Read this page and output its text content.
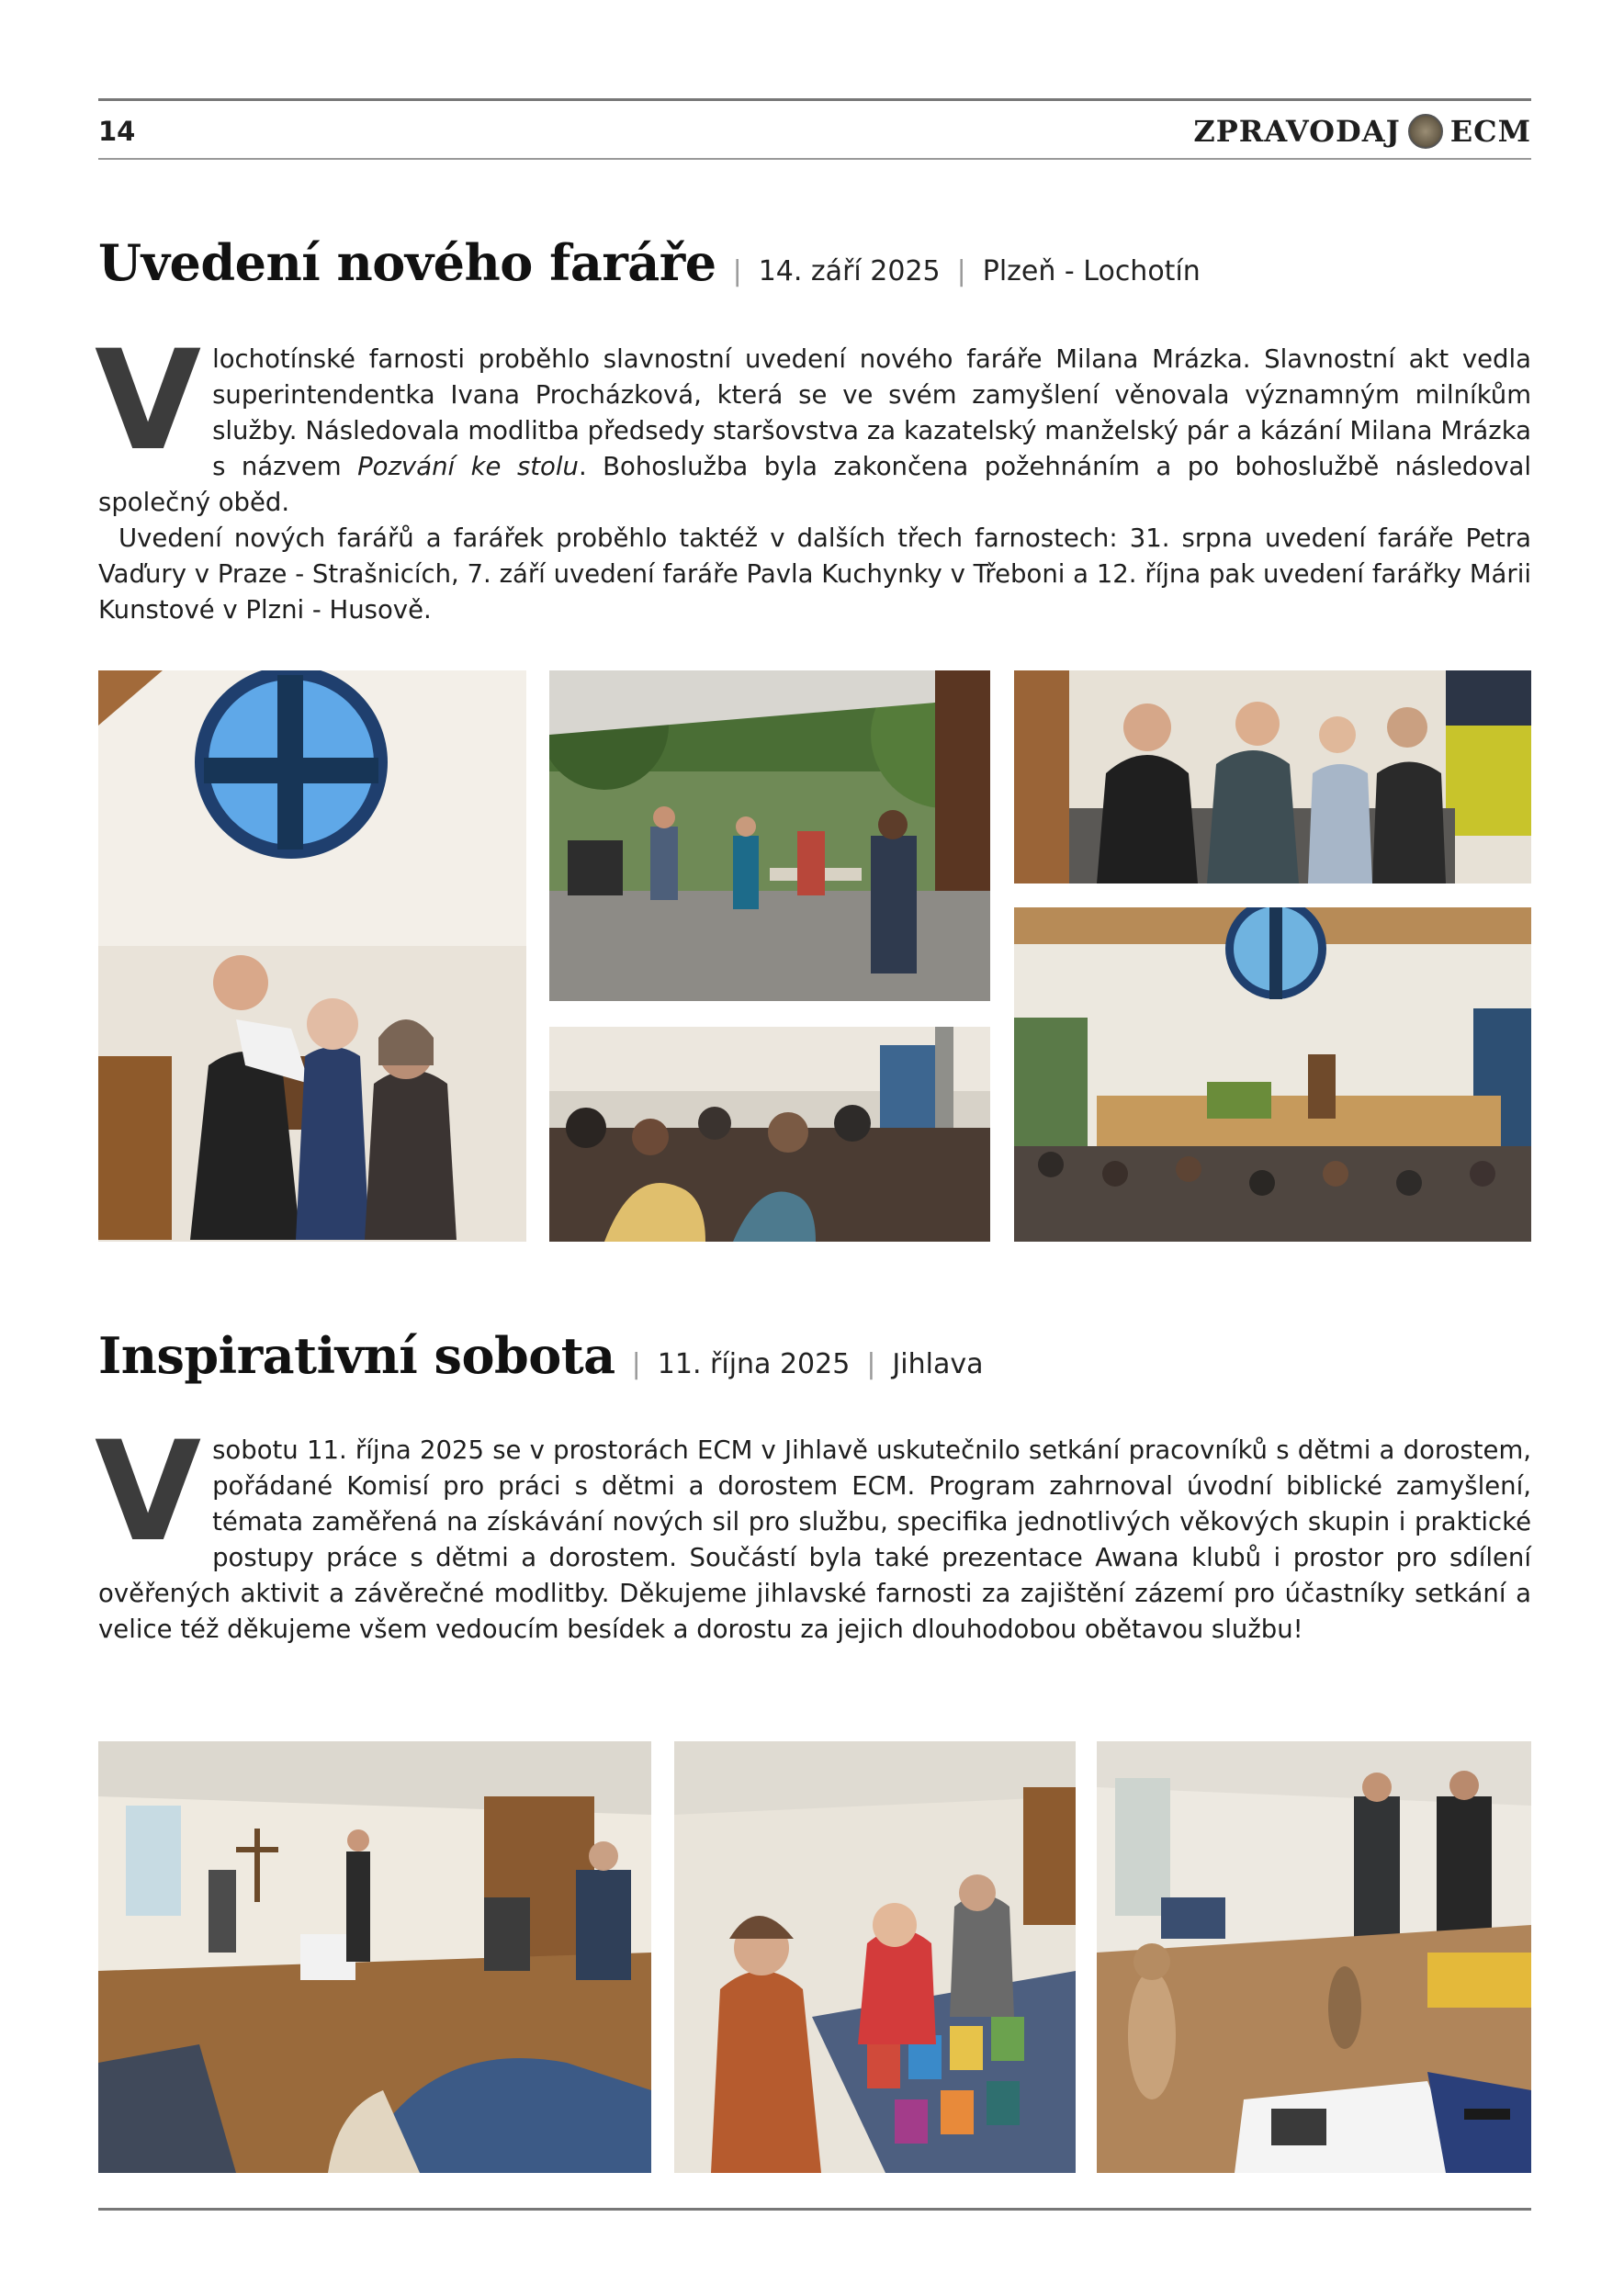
14	ZPRAVODAJ ECM
Uvedení nového faráře | 14. září 2025 | Plzeň - Lochotín

Vlochotínské farnosti proběhlo slavnostní uvedení nového faráře Milana Mrázka. Slavnostní akt vedla superintendentka Ivana Procházková, která se ve svém zamyšlení věnovala významným milníkům služby. Následovala modlitba předsedy staršovstva za kazatelský manželský pár a kázání Milana Mrázka s názvem Pozvání ke stolu. Bohoslužba byla zakončena požehnáním a po bohoslužbě následoval společný oběd.

Uvedení nových farářů a farářek proběhlo taktéž v dalších třech farnostech: 31. srpna uvedení faráře Petra Vaďury v Praze - Strašnicích, 7. září uvedení faráře Pavla Kuchynky v Třeboni a 12. října pak uvedení farářky Márii Kunstové v Plzni - Husově.

Inspirativní sobota | 11. října 2025 | Jihlava

Vsobotu 11. října 2025 se v prostorách ECM v Jihlavě uskutečnilo setkání pracovníků s dětmi a dorostem, pořádané Komisí pro práci s dětmi a dorostem ECM. Program zahrnoval úvodní biblické zamyšlení, témata zaměřená na získávání nových sil pro službu, specifika jednotlivých věkových skupin i praktické postupy práce s dětmi a dorostem. Součástí byla také prezentace Awana klubů i prostor pro sdílení ověřených aktivit a závěrečné modlitby. Děkujeme jihlavské farnosti za zajištění zázemí pro účastníky setkání a velice též děkujeme všem vedoucím besídek a dorostu za jejich dlouhodobou obětavou službu!
